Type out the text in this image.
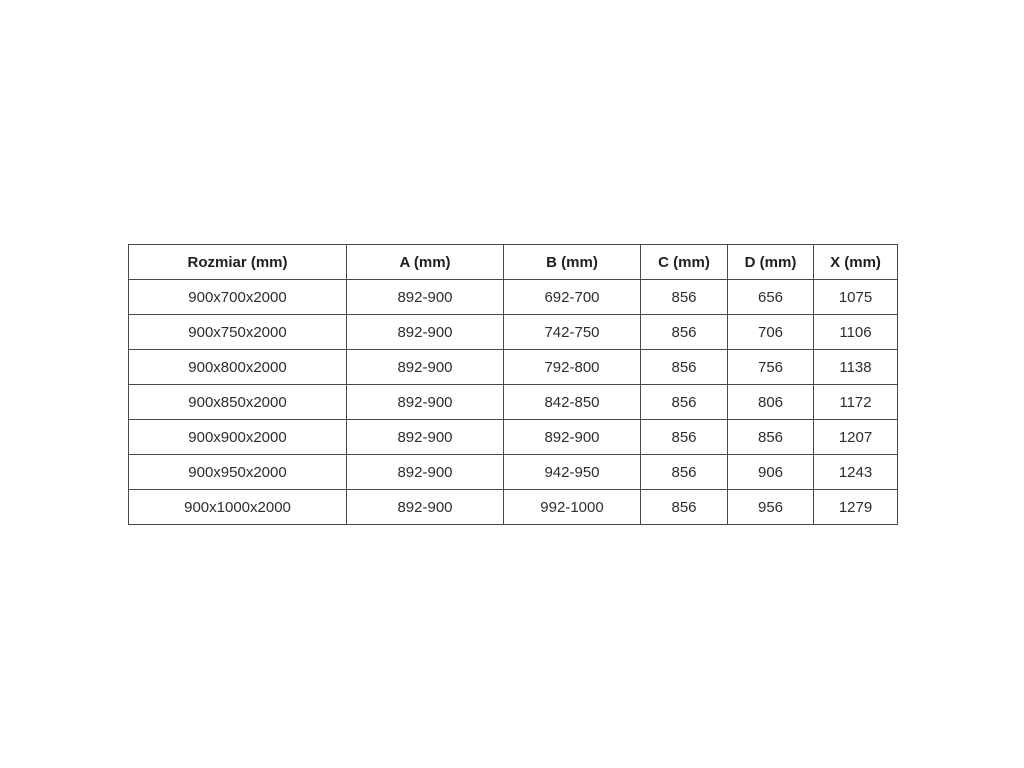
Rozmiar (mm)	A (mm)	B (mm)	C (mm)	D (mm)	X (mm)
900x700x2000	892-900	692-700	856	656	1075
900x750x2000	892-900	742-750	856	706	1106
900x800x2000	892-900	792-800	856	756	1138
900x850x2000	892-900	842-850	856	806	1172
900x900x2000	892-900	892-900	856	856	1207
900x950x2000	892-900	942-950	856	906	1243
900x1000x2000	892-900	992-1000	856	956	1279
